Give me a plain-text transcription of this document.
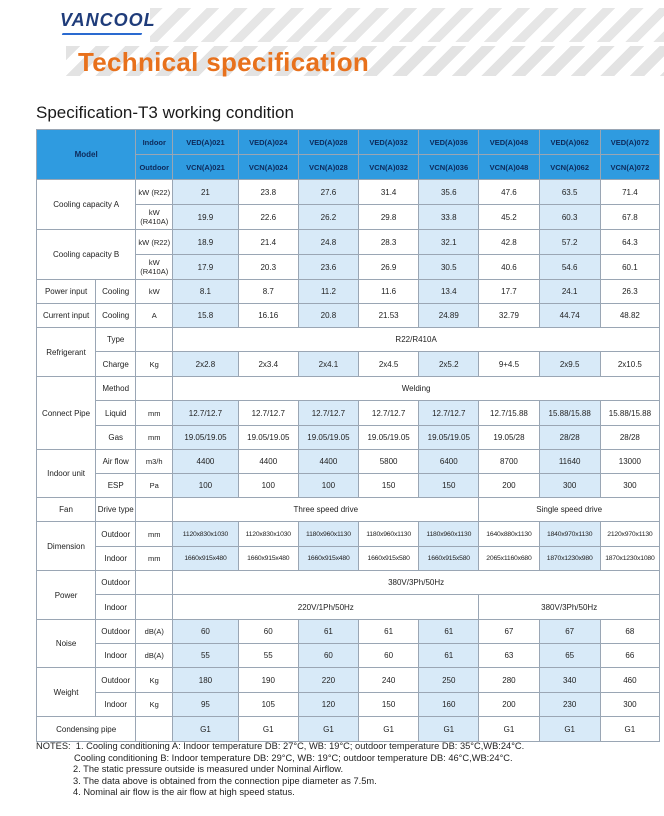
VANCOOL
Technical specification
Specification-T3 working condition
Model		Indoor	VED(A)021	VED(A)024	VED(A)028	VED(A)032	VED(A)036	VED(A)048	VED(A)062	VED(A)072
		Outdoor	VCN(A)021	VCN(A)024	VCN(A)028	VCN(A)032	VCN(A)036	VCN(A)048	VCN(A)062	VCN(A)072
Cooling capacity A		kW (R22)	21	23.8	27.6	31.4	35.6	47.6	63.5	71.4
		kW (R410A)	19.9	22.6	26.2	29.8	33.8	45.2	60.3	67.8
Cooling capacity B		kW (R22)	18.9	21.4	24.8	28.3	32.1	42.8	57.2	64.3
		kW (R410A)	17.9	20.3	23.6	26.9	30.5	40.6	54.6	60.1
Power input	Cooling	kW	8.1	8.7	11.2	11.6	13.4	17.7	24.1	26.3
Current input	Cooling	A	15.8	16.16	20.8	21.53	24.89	32.79	44.74	48.82
Refrigerant	Type		R22/R410A							
	Charge	Kg	2x2.8	2x3.4	2x4.1	2x4.5	2x5.2	9+4.5	2x9.5	2x10.5
Connect Pipe	Method		Welding							
	Liquid	mm	12.7/12.7	12.7/12.7	12.7/12.7	12.7/12.7	12.7/12.7	12.7/15.88	15.88/15.88	15.88/15.88
	Gas	mm	19.05/19.05	19.05/19.05	19.05/19.05	19.05/19.05	19.05/19.05	19.05/28	28/28	28/28
Indoor unit	Air flow	m3/h	4400	4400	4400	5800	6400	8700	11640	13000
	ESP	Pa	100	100	100	150	150	200	300	300
Fan	Drive type		Three speed drive					Single speed drive		
Dimension	Outdoor	mm	1120x830x1030	1120x830x1030	1180x960x1130	1180x960x1130	1180x960x1130	1640x880x1130	1840x970x1130	2120x970x1130
	Indoor	mm	1660x915x480	1660x915x480	1660x915x480	1660x915x580	1660x915x580	2065x1160x680	1870x1230x980	1870x1230x1080
Power	Outdoor		380V/3Ph/50Hz							
	Indoor		220V/1Ph/50Hz					380V/3Ph/50Hz		
Noise	Outdoor	dB(A)	60	60	61	61	61	67	67	68
	Indoor	dB(A)	55	55	60	60	61	63	65	66
Weight	Outdoor	Kg	180	190	220	240	250	280	340	460
	Indoor	Kg	95	105	120	150	160	200	230	300
Condensing pipe			G1	G1	G1	G1	G1	G1	G1	G1
NOTES: 1. Cooling conditioning A: Indoor temperature DB: 27°C, WB: 19°C; outdoor temperature DB: 35°C,WB:24°C.
Cooling conditioning B: Indoor temperature DB: 29°C, WB: 19°C; outdoor temperature DB: 46°C,WB:24°C.
2. The static pressure outside is measured under Nominal Airflow.
3. The data above is obtained from the connection pipe diameter as 7.5m.
4. Nominal air flow is the air flow at high speed status.
